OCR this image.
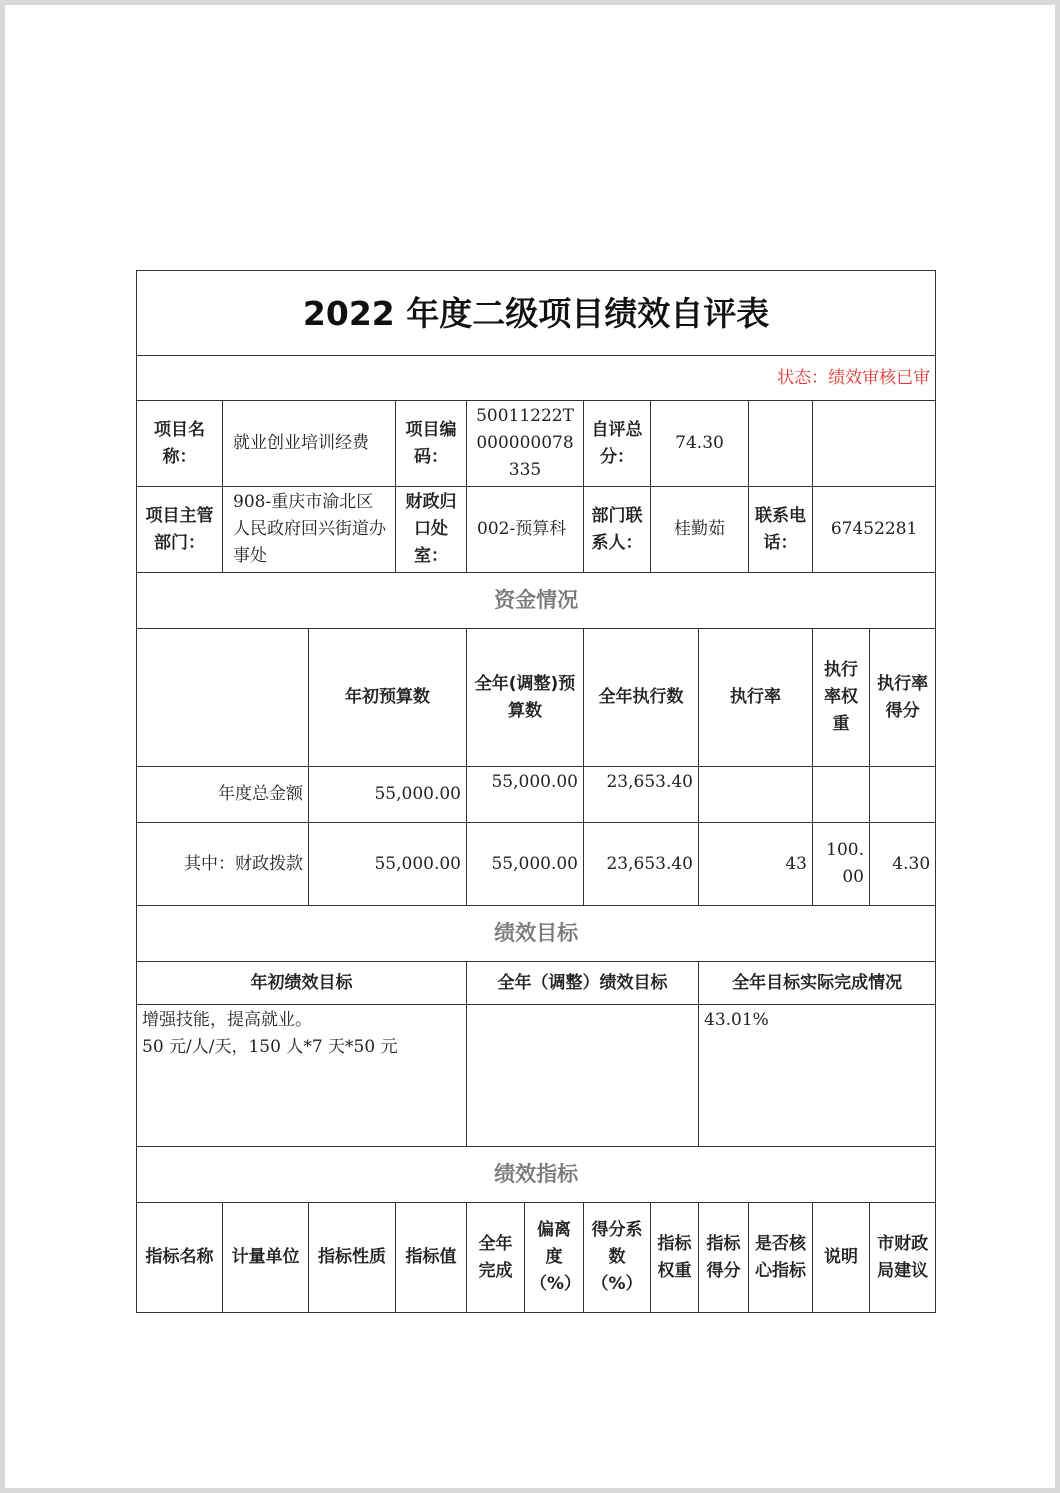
2022 年度二级项目绩效自评表											
状态：绩效审核已审											
项目名称：	就业创业培训经费		项目编码：	50011222T000000078335		自评总分：	74.30				
项目主管部门：	908-重庆市渝北区人民政府回兴街道办事处		财政归口处室：	002-预算科		部门联系人：	桂勤茹		联系电话：	67452281	
资金情况											
		年初预算数		全年(调整)预算数		全年执行数		执行率		执行率权重	执行率得分
年度总金额		55,000.00		55,000.00		23,653.40					
其中：财政拨款		55,000.00		55,000.00		23,653.40		43		100.00	4.30
绩效目标											
年初绩效目标				全年（调整）绩效目标				全年目标实际完成情况			

增强技能，提高就业。
50 元/人/天，150 人*7 天*50 元								43.01%			
绩效指标											
指标名称	计量单位	指标性质	指标值	全年完成	偏离度（%）	得分系数（%）	指标权重	指标得分	是否核心指标	说明	市财政局建议
